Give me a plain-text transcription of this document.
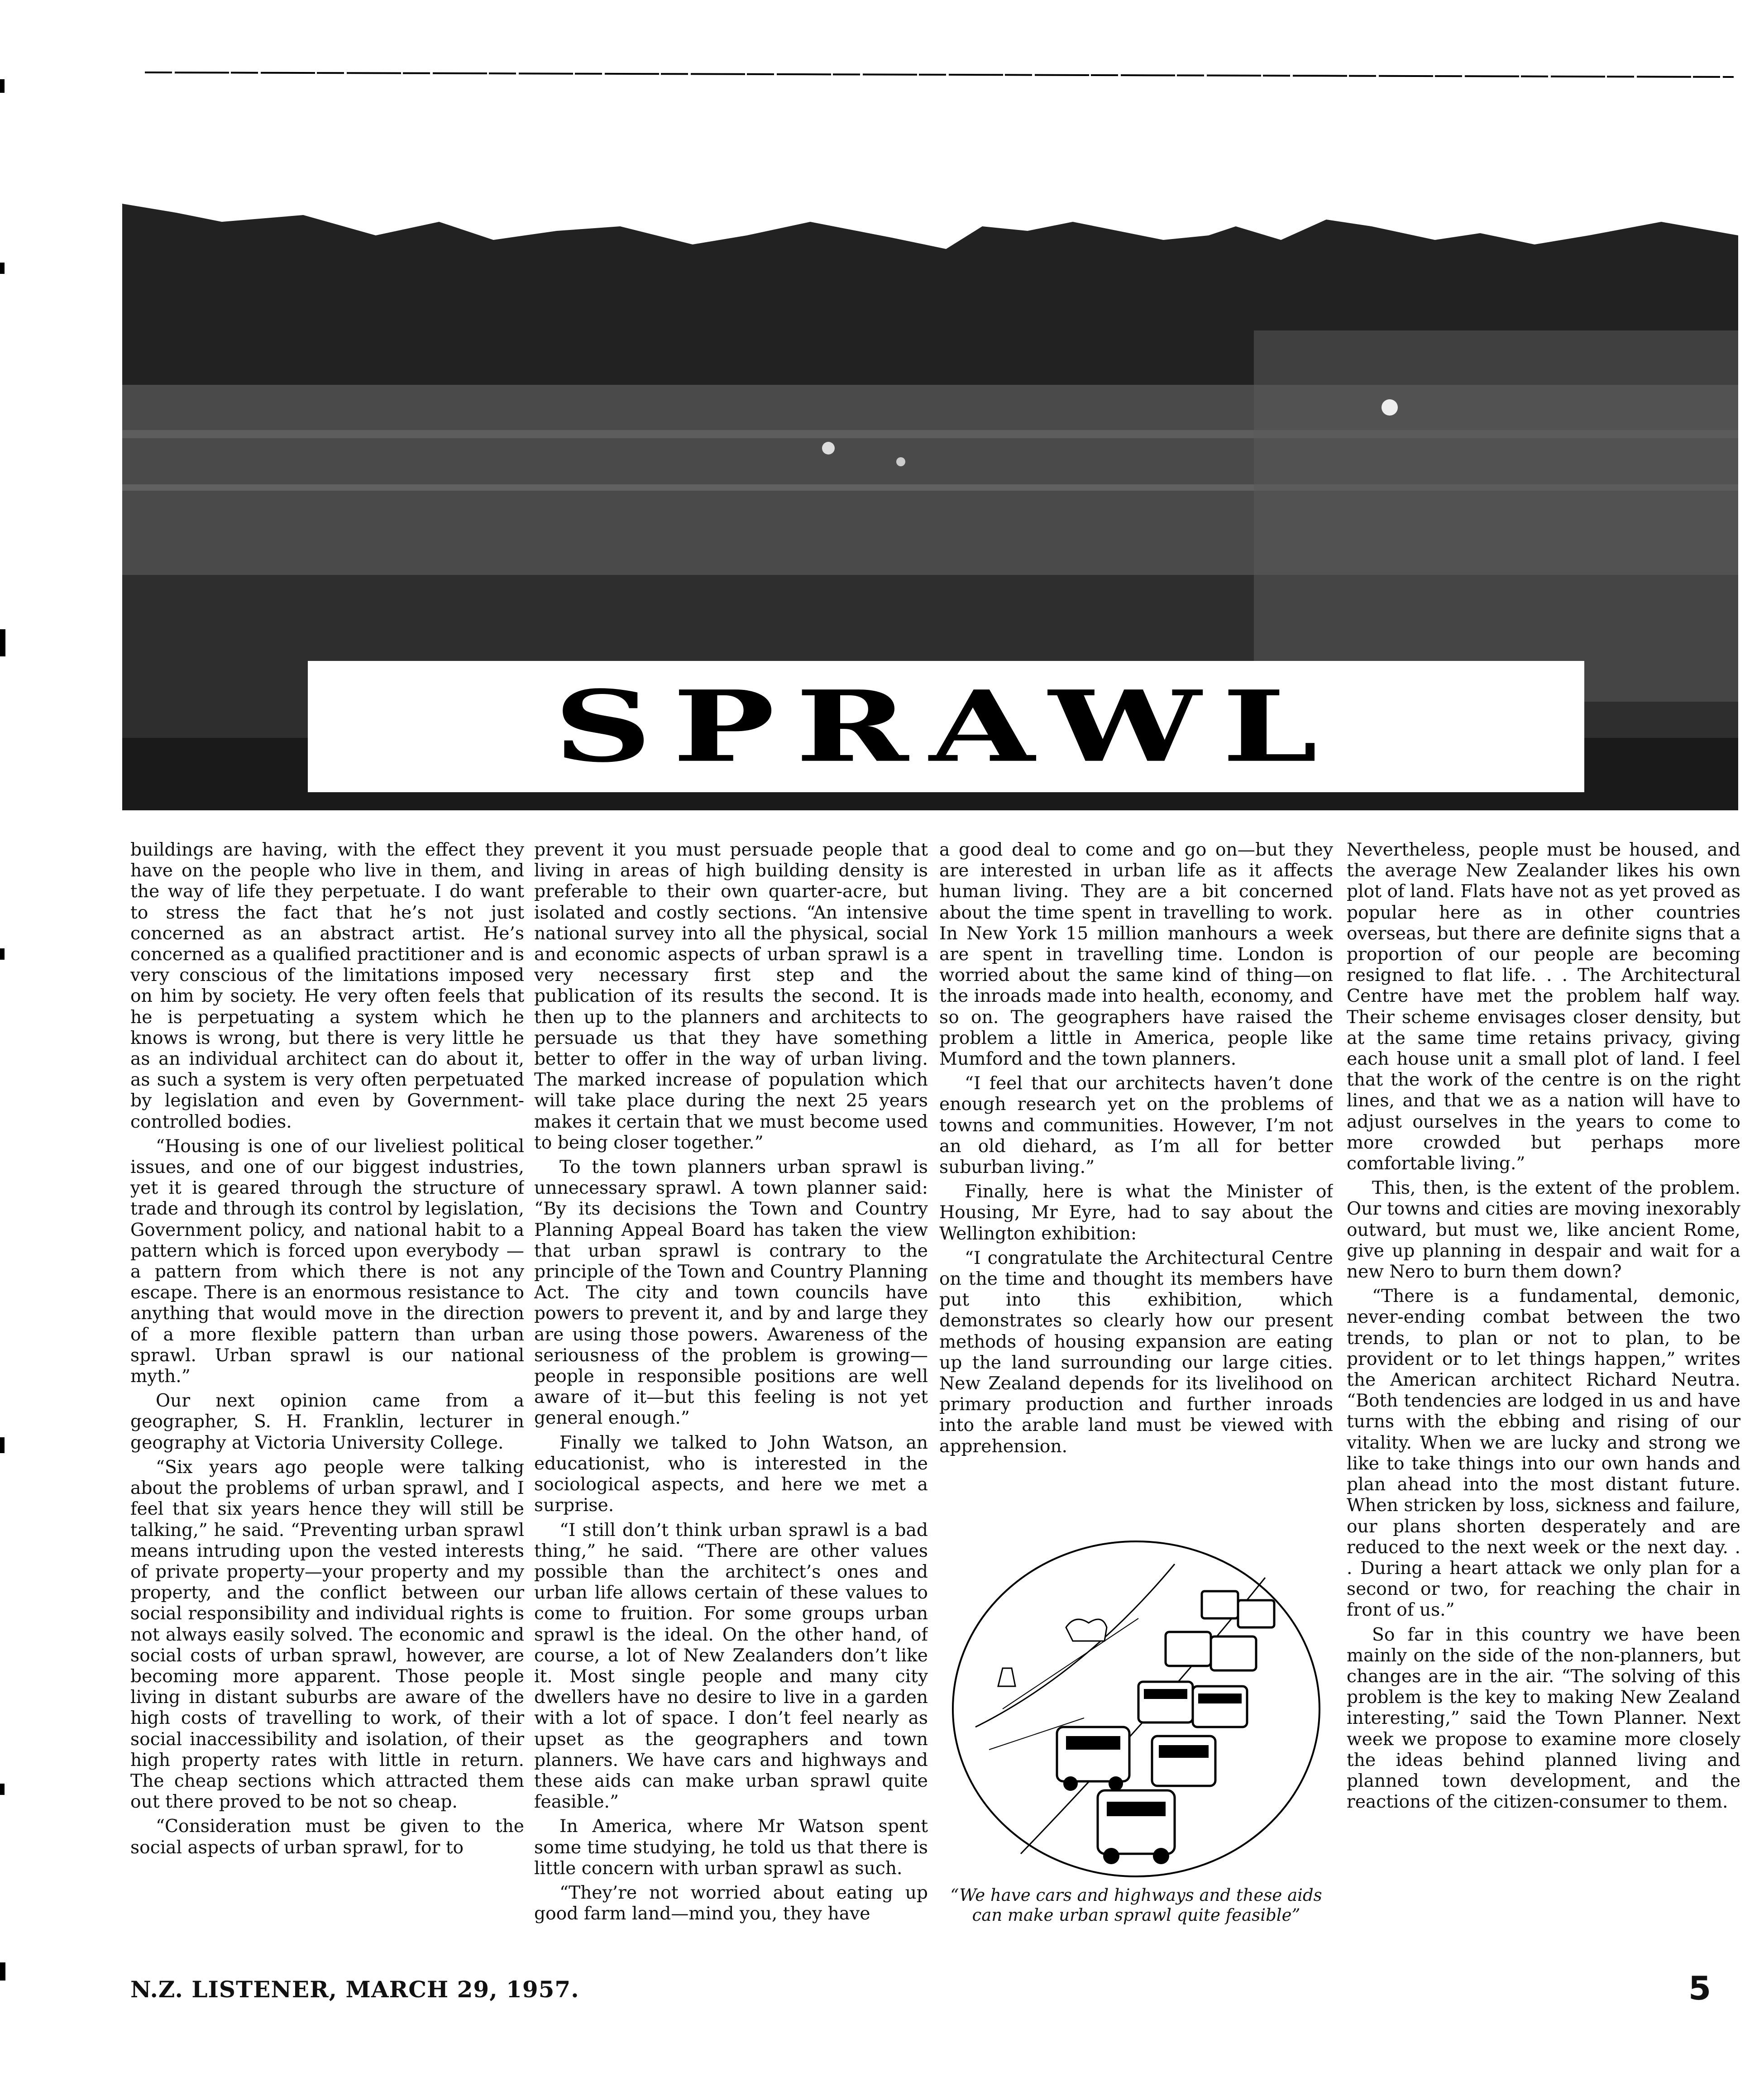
SPRAWL

buildings are having, with the effect they have on the people who live in them, and the way of life they perpetuate. I do want to stress the fact that he’s not just concerned as an abstract artist. He’s concerned as a qualified practitioner and is very conscious of the limitations imposed on him by society. He very often feels that he is perpetuating a system which he knows is wrong, but there is very little he as an individual architect can do about it, as such a system is very often perpetuated by legislation and even by Government-controlled bodies.

“Housing is one of our liveliest political issues, and one of our biggest industries, yet it is geared through the structure of trade and through its control by legislation, Government policy, and national habit to a pattern which is forced upon everybody — a pattern from which there is not any escape. There is an enormous resistance to anything that would move in the direction of a more flexible pattern than urban sprawl. Urban sprawl is our national myth.”

Our next opinion came from a geographer, S. H. Franklin, lecturer in geography at Victoria University College.

“Six years ago people were talking about the problems of urban sprawl, and I feel that six years hence they will still be talking,” he said. “Preventing urban sprawl means intruding upon the vested interests of private property—your property and my property, and the conflict between our social responsibility and individual rights is not always easily solved. The economic and social costs of urban sprawl, however, are becoming more apparent. Those people living in distant suburbs are aware of the high costs of travelling to work, of their social inaccessibility and isolation, of their high property rates with little in return. The cheap sections which attracted them out there proved to be not so cheap.

“Consideration must be given to the social aspects of urban sprawl, for to

prevent it you must persuade people that living in areas of high building density is preferable to their own quarter-acre, but isolated and costly sections. “An intensive national survey into all the physical, social and economic aspects of urban sprawl is a very necessary first step and the publication of its results the second. It is then up to the planners and architects to persuade us that they have something better to offer in the way of urban living. The marked increase of population which will take place during the next 25 years makes it certain that we must become used to being closer together.”

To the town planners urban sprawl is unnecessary sprawl. A town planner said: “By its decisions the Town and Country Planning Appeal Board has taken the view that urban sprawl is contrary to the principle of the Town and Country Planning Act. The city and town councils have powers to prevent it, and by and large they are using those powers. Awareness of the seriousness of the problem is growing—people in responsible positions are well aware of it—but this feeling is not yet general enough.”

Finally we talked to John Watson, an educationist, who is interested in the sociological aspects, and here we met a surprise.

“I still don’t think urban sprawl is a bad thing,” he said. “There are other values possible than the architect’s ones and urban life allows certain of these values to come to fruition. For some groups urban sprawl is the ideal. On the other hand, of course, a lot of New Zealanders don’t like it. Most single people and many city dwellers have no desire to live in a garden with a lot of space. I don’t feel nearly as upset as the geographers and town planners. We have cars and highways and these aids can make urban sprawl quite feasible.”

In America, where Mr Watson spent some time studying, he told us that there is little concern with urban sprawl as such.

“They’re not worried about eating up good farm land—mind you, they have

a good deal to come and go on—but they are interested in urban life as it affects human living. They are a bit concerned about the time spent in travelling to work. In New York 15 million manhours a week are spent in travelling time. London is worried about the same kind of thing—on the inroads made into health, economy, and so on. The geographers have raised the problem a little in America, people like Mumford and the town planners.

“I feel that our architects haven’t done enough research yet on the problems of towns and communities. However, I’m not an old diehard, as I’m all for better suburban living.”

Finally, here is what the Minister of Housing, Mr Eyre, had to say about the Wellington exhibition:

“I congratulate the Architectural Centre on the time and thought its members have put into this exhibition, which demonstrates so clearly how our present methods of housing expansion are eating up the land surrounding our large cities. New Zealand depends for its livelihood on primary production and further inroads into the arable land must be viewed with apprehension.

“We have cars and highways and these aids can make urban sprawl quite feasible”

Nevertheless, people must be housed, and the average New Zealander likes his own plot of land. Flats have not as yet proved as popular here as in other countries overseas, but there are definite signs that a proportion of our people are becoming resigned to flat life. . . The Architectural Centre have met the problem half way. Their scheme envisages closer density, but at the same time retains privacy, giving each house unit a small plot of land. I feel that the work of the centre is on the right lines, and that we as a nation will have to adjust ourselves in the years to come to more crowded but perhaps more comfortable living.”

This, then, is the extent of the problem. Our towns and cities are moving inexorably outward, but must we, like ancient Rome, give up planning in despair and wait for a new Nero to burn them down?

“There is a fundamental, demonic, never-ending combat between the two trends, to plan or not to plan, to be provident or to let things happen,” writes the American architect Richard Neutra. “Both tendencies are lodged in us and have turns with the ebbing and rising of our vitality. When we are lucky and strong we like to take things into our own hands and plan ahead into the most distant future. When stricken by loss, sickness and failure, our plans shorten desperately and are reduced to the next week or the next day. . . During a heart attack we only plan for a second or two, for reaching the chair in front of us.”

So far in this country we have been mainly on the side of the non-planners, but changes are in the air. “The solving of this problem is the key to making New Zealand interesting,” said the Town Planner. Next week we propose to examine more closely the ideas behind planned living and planned town development, and the reactions of the citizen-consumer to them.

N.Z. LISTENER, MARCH 29, 1957.	5
